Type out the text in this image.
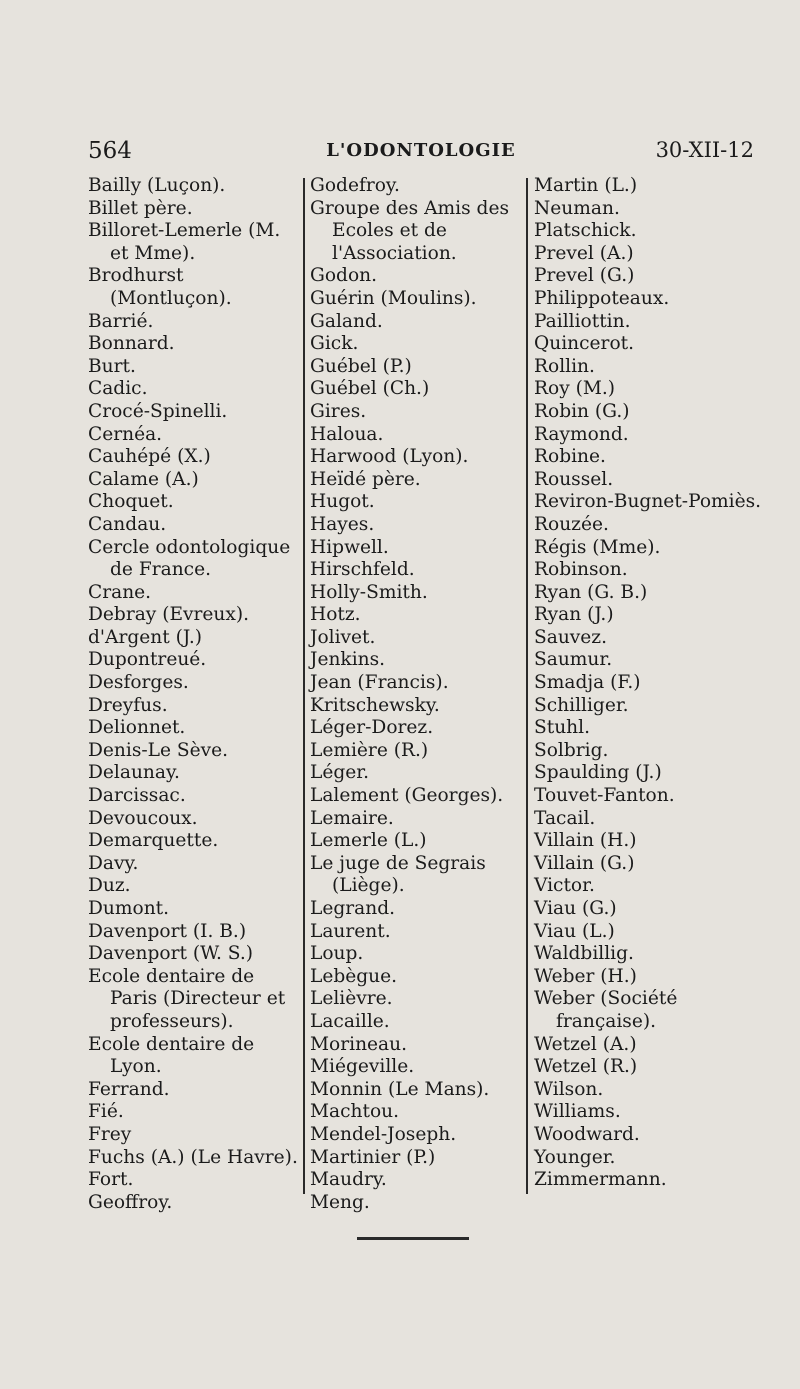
564	L'ODONTOLOGIE	30-XII-12
Bailly (Luçon).
Billet père.
Billoret-Lemerle (M. et Mme).
Brodhurst (Montluçon).
Barrié.
Bonnard.
Burt.
Cadic.
Crocé-Spinelli.
Cernéa.
Cauhépé (X.)
Calame (A.)
Choquet.
Candau.
Cercle odontologique de France.
Crane.
Debray (Evreux).
d'Argent (J.)
Dupontreué.
Desforges.
Dreyfus.
Delionnet.
Denis-Le Sève.
Delaunay.
Darcissac.
Devoucoux.
Demarquette.
Davy.
Duz.
Dumont.
Davenport (I. B.)
Davenport (W. S.)
Ecole dentaire de Paris (Directeur et professeurs).
Ecole dentaire de Lyon.
Ferrand.
Fié.
Frey
Fuchs (A.) (Le Havre).
Fort.
Geoffroy.
Godefroy.
Groupe des Amis des Ecoles et de l'Association.
Godon.
Guérin (Moulins).
Galand.
Gick.
Guébel (P.)
Guébel (Ch.)
Gires.
Haloua.
Harwood (Lyon).
Heïdé père.
Hugot.
Hayes.
Hipwell.
Hirschfeld.
Holly-Smith.
Hotz.
Jolivet.
Jenkins.
Jean (Francis).
Kritschewsky.
Léger-Dorez.
Lemière (R.)
Léger.
Lalement (Georges).
Lemaire.
Lemerle (L.)
Le juge de Segrais (Liège).
Legrand.
Laurent.
Loup.
Lebègue.
Lelièvre.
Lacaille.
Morineau.
Miégeville.
Monnin (Le Mans).
Machtou.
Mendel-Joseph.
Martinier (P.)
Maudry.
Meng.
Martin (L.)
Neuman.
Platschick.
Prevel (A.)
Prevel (G.)
Philippoteaux.
Pailliottin.
Quincerot.
Rollin.
Roy (M.)
Robin (G.)
Raymond.
Robine.
Roussel.
Reviron-Bugnet-Pomiès.
Rouzée.
Régis (Mme).
Robinson.
Ryan (G. B.)
Ryan (J.)
Sauvez.
Saumur.
Smadja (F.)
Schilliger.
Stuhl.
Solbrig.
Spaulding (J.)
Touvet-Fanton.
Tacail.
Villain (H.)
Villain (G.)
Victor.
Viau (G.)
Viau (L.)
Waldbillig.
Weber (H.)
Weber (Société française).
Wetzel (A.)
Wetzel (R.)
Wilson.
Williams.
Woodward.
Younger.
Zimmermann.
